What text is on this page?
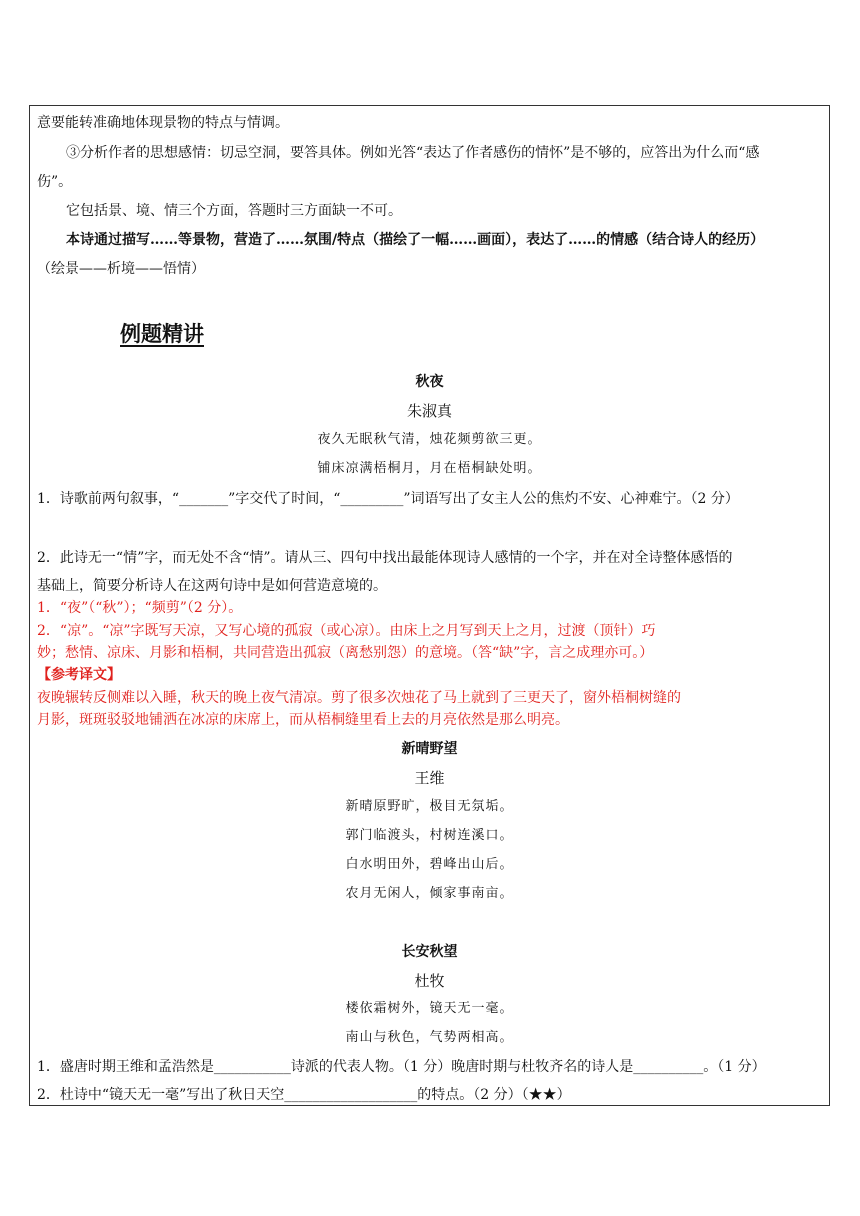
意要能转准确地体现景物的特点与情调。
③分析作者的思想感情：切忌空洞，要答具体。例如光答“表达了作者感伤的情怀”是不够的，应答出为什么而“感
伤”。
它包括景、境、情三个方面，答题时三方面缺一不可。
本诗通过描写……等景物，营造了……氛围/特点（描绘了一幅……画面），表达了……的情感（结合诗人的经历）
（绘景——析境——悟情）
例题精讲
秋夜
朱淑真
夜久无眠秋气清，烛花频剪欲三更。
铺床凉满梧桐月，月在梧桐缺处明。
1．诗歌前两句叙事，“_______”字交代了时间，“_________”词语写出了女主人公的焦灼不安、心神难宁。（2 分）
2．此诗无一“情”字，而无处不含“情”。请从三、四句中找出最能体现诗人感情的一个字，并在对全诗整体感悟的
基础上，简要分析诗人在这两句诗中是如何营造意境的。
1．“夜”（“秋”）；“频剪”（2 分）。
2．“凉”。“凉”字既写天凉，又写心境的孤寂（或心凉）。由床上之月写到天上之月，过渡（顶针）巧
妙；愁情、凉床、月影和梧桐，共同营造出孤寂（离愁别怨）的意境。（答“缺”字，言之成理亦可。）
【参考译文】
夜晚辗转反侧难以入睡，秋天的晚上夜气清凉。剪了很多次烛花了马上就到了三更天了，窗外梧桐树缝的
月影，斑斑驳驳地铺洒在冰凉的床席上，而从梧桐缝里看上去的月亮依然是那么明亮。
新晴野望
王维
新晴原野旷，极目无氛垢。
郭门临渡头，村树连溪口。
白水明田外，碧峰出山后。
农月无闲人，倾家事南亩。
长安秋望
杜牧
楼依霜树外，镜天无一毫。
南山与秋色，气势两相高。
1．盛唐时期王维和孟浩然是___________诗派的代表人物。（1 分）晚唐时期与杜牧齐名的诗人是__________。（1 分）
2．杜诗中“镜天无一毫”写出了秋日天空___________________的特点。（2 分）（★★）
